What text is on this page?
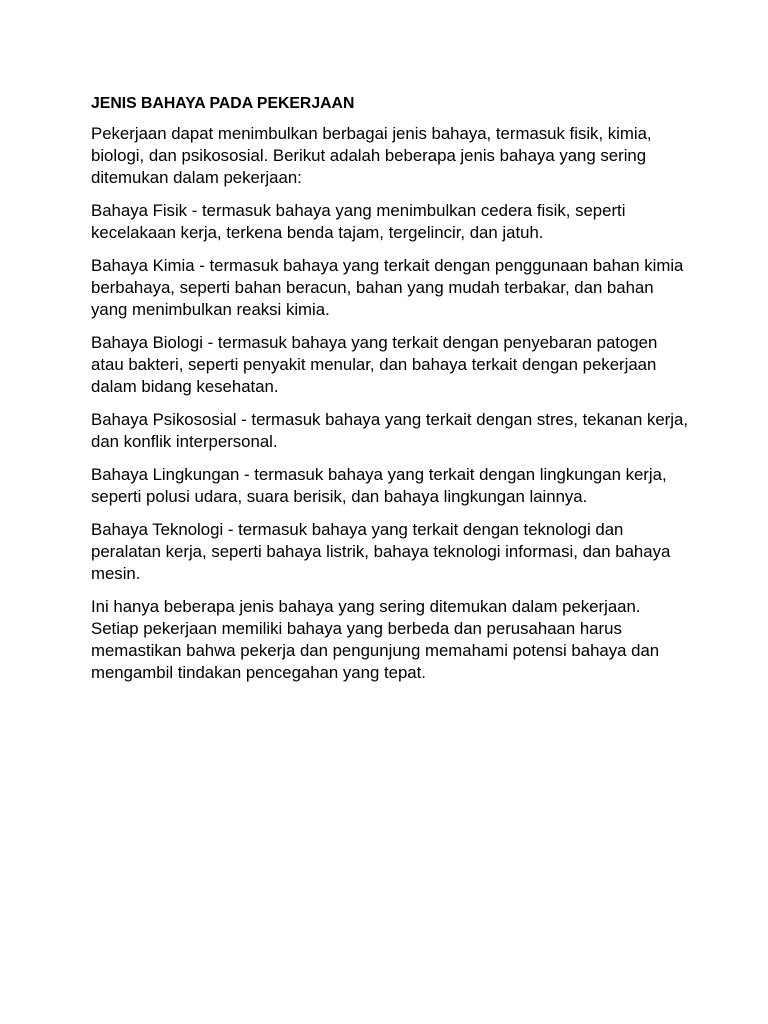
JENIS BAHAYA PADA PEKERJAAN

Pekerjaan dapat menimbulkan berbagai jenis bahaya, termasuk fisik, kimia, biologi, dan psikososial. Berikut adalah beberapa jenis bahaya yang sering ditemukan dalam pekerjaan:

Bahaya Fisik - termasuk bahaya yang menimbulkan cedera fisik, seperti kecelakaan kerja, terkena benda tajam, tergelincir, dan jatuh.

Bahaya Kimia - termasuk bahaya yang terkait dengan penggunaan bahan kimia berbahaya, seperti bahan beracun, bahan yang mudah terbakar, dan bahan yang menimbulkan reaksi kimia.

Bahaya Biologi - termasuk bahaya yang terkait dengan penyebaran patogen atau bakteri, seperti penyakit menular, dan bahaya terkait dengan pekerjaan dalam bidang kesehatan.

Bahaya Psikososial - termasuk bahaya yang terkait dengan stres, tekanan kerja, dan konflik interpersonal.

Bahaya Lingkungan - termasuk bahaya yang terkait dengan lingkungan kerja, seperti polusi udara, suara berisik, dan bahaya lingkungan lainnya.

Bahaya Teknologi - termasuk bahaya yang terkait dengan teknologi dan peralatan kerja, seperti bahaya listrik, bahaya teknologi informasi, dan bahaya mesin.

Ini hanya beberapa jenis bahaya yang sering ditemukan dalam pekerjaan. Setiap pekerjaan memiliki bahaya yang berbeda dan perusahaan harus memastikan bahwa pekerja dan pengunjung memahami potensi bahaya dan mengambil tindakan pencegahan yang tepat.
